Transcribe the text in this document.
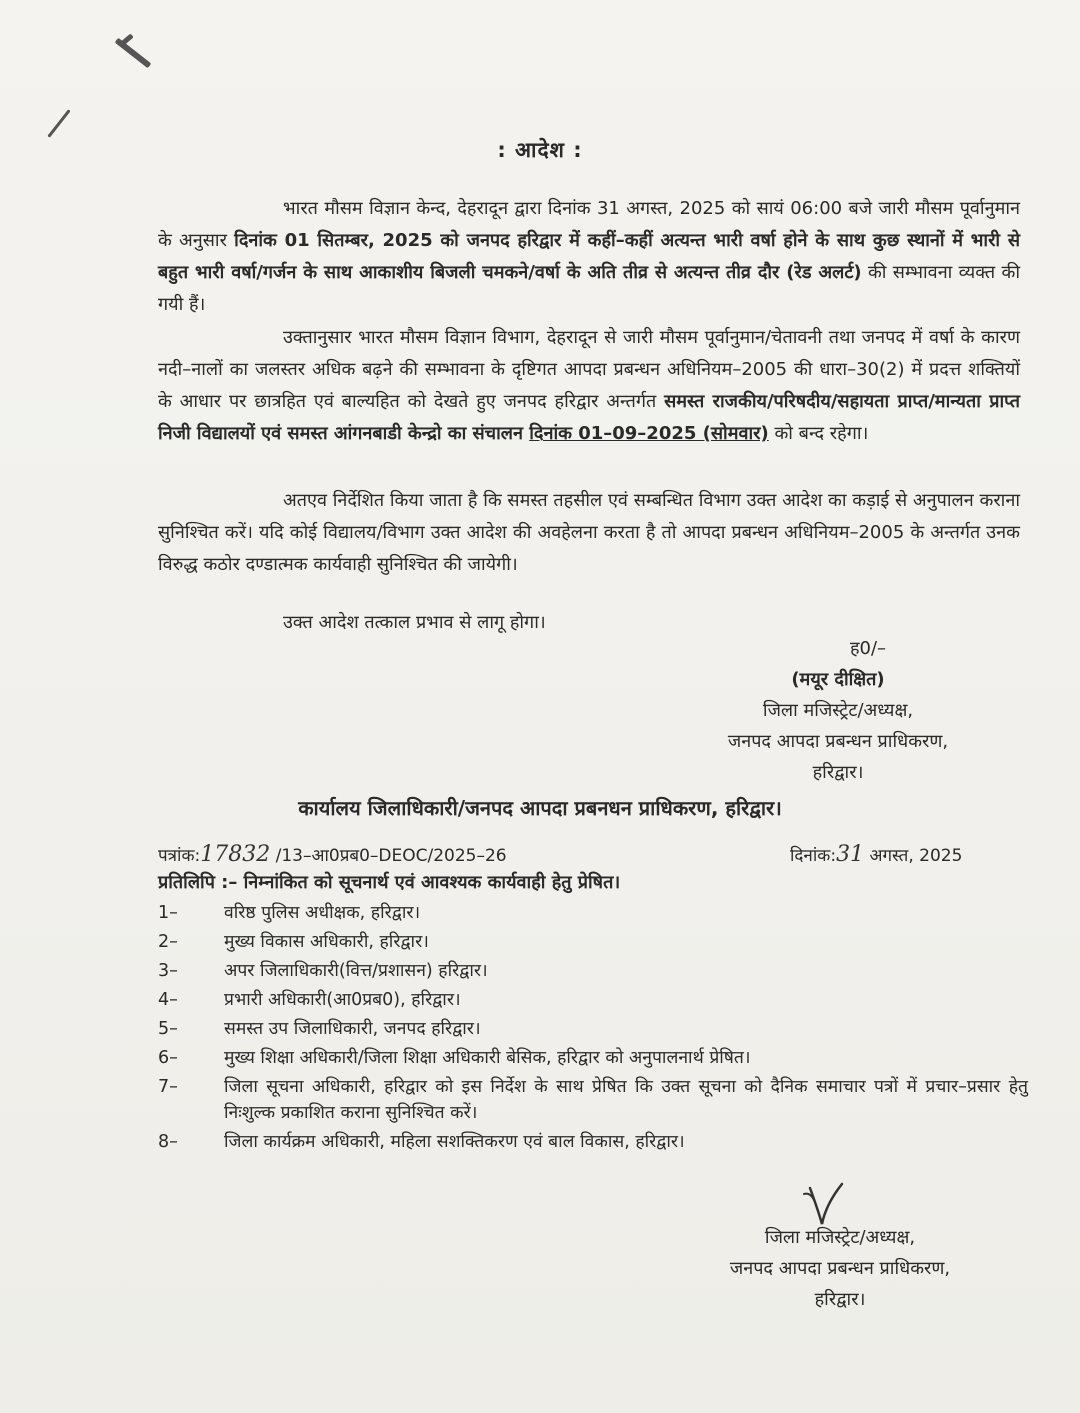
: आदेश :
भारत मौसम विज्ञान केन्द, देहरादून द्वारा दिनांक 31 अगस्त, 2025 को सायं 06:00 बजे जारी मौसम पूर्वानुमान के अनुसार दिनांक 01 सितम्बर, 2025 को जनपद हरिद्वार में कहीं–कहीं अत्यन्त भारी वर्षा होने के साथ कुछ स्थानों में भारी से बहुत भारी वर्षा/गर्जन के साथ आकाशीय बिजली चमकने/वर्षा के अति तीव्र से अत्यन्त तीव्र दौर (रेड अलर्ट) की सम्भावना व्यक्त की गयी हैं।
उक्तानुसार भारत मौसम विज्ञान विभाग, देहरादून से जारी मौसम पूर्वानुमान/चेतावनी तथा जनपद में वर्षा के कारण नदी–नालों का जलस्तर अधिक बढ़ने की सम्भावना के दृष्टिगत आपदा प्रबन्धन अधिनियम–2005 की धारा–30(2) में प्रदत्त शक्तियों के आधार पर छात्रहित एवं बाल्यहित को देखते हुए जनपद हरिद्वार अन्तर्गत समस्त राजकीय/परिषदीय/सहायता प्राप्त/मान्यता प्राप्त निजी विद्यालयों एवं समस्त आंगनबाडी केन्द्रो का संचालन दिनांक 01–09–2025 (सोमवार) को बन्द रहेगा।
अतएव निर्देशित किया जाता है कि समस्त तहसील एवं सम्बन्धित विभाग उक्त आदेश का कड़ाई से अनुपालन कराना सुनिश्चित करें। यदि कोई विद्यालय/विभाग उक्त आदेश की अवहेलना करता है तो आपदा प्रबन्धन अधिनियम–2005 के अन्तर्गत उनक विरुद्ध कठोर दण्डात्मक कार्यवाही सुनिश्चित की जायेगी।
उक्त आदेश तत्काल प्रभाव से लागू होगा।
ह0/–
(मयूर दीक्षित)
जिला मजिस्ट्रेट/अध्यक्ष,
जनपद आपदा प्रबन्धन प्राधिकरण,
हरिद्वार।
कार्यालय जिलाधिकारी/जनपद आपदा प्रबनधन प्राधिकरण, हरिद्वार।
पत्रांक:17832 /13–आ0प्रब0–DEOC/2025–26	दिनांक:31 अगस्त, 2025
प्रतिलिपि :– निम्नांकित को सूचनार्थ एवं आवश्यक कार्यवाही हेतु प्रेषित।
1–	वरिष्ठ पुलिस अधीक्षक, हरिद्वार।
2–	मुख्य विकास अधिकारी, हरिद्वार।
3–	अपर जिलाधिकारी(वित्त/प्रशासन) हरिद्वार।
4–	प्रभारी अधिकारी(आ0प्रब0), हरिद्वार।
5–	समस्त उप जिलाधिकारी, जनपद हरिद्वार।
6–	मुख्य शिक्षा अधिकारी/जिला शिक्षा अधिकारी बेसिक, हरिद्वार को अनुपालनार्थ प्रेषित।
7–	जिला सूचना अधिकारी, हरिद्वार को इस निर्देश के साथ प्रेषित कि उक्त सूचना को दैनिक समाचार पत्रों में प्रचार–प्रसार हेतु निःशुल्क प्रकाशित कराना सुनिश्चित करें।
8–	जिला कार्यक्रम अधिकारी, महिला सशक्तिकरण एवं बाल विकास, हरिद्वार।
जिला मजिस्ट्रेट/अध्यक्ष,
जनपद आपदा प्रबन्धन प्राधिकरण,
हरिद्वार।
